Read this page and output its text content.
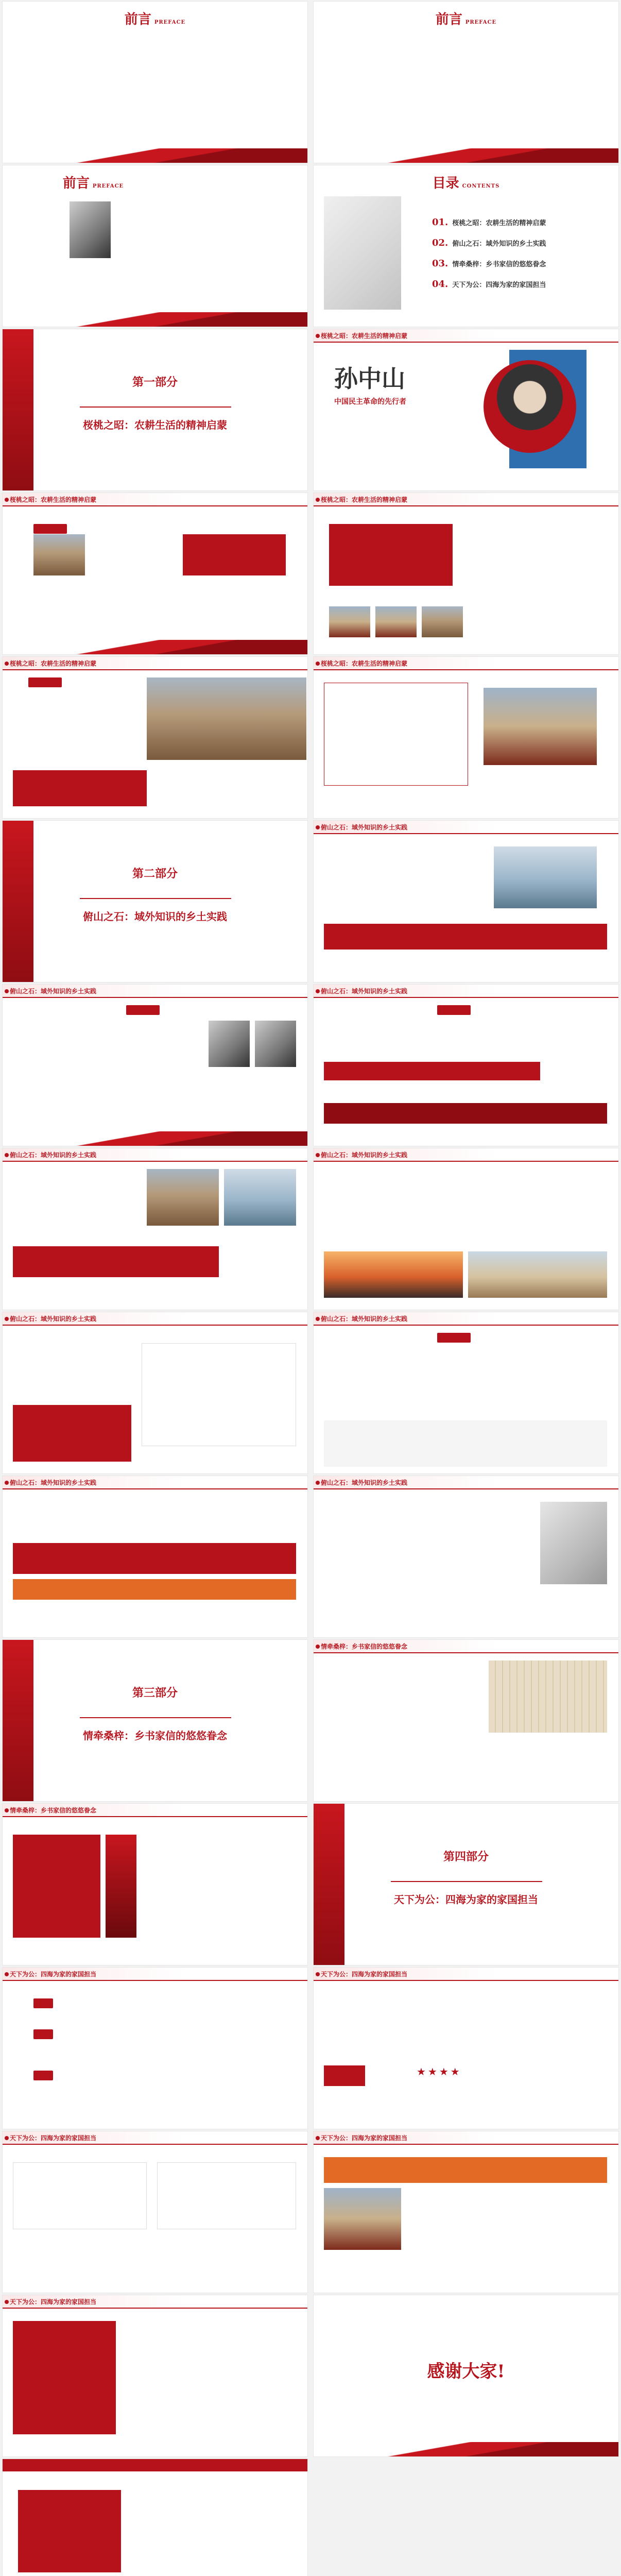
前言 PREFACE
　　　　　　　　　　　　　　　　　　　　　　　　　　　　　　　　　　　　　	前言 PREFACE
前言 PREFACE	目录 CONTENTS
01. 桜桃之昭：农耕生活的精神启蒙
02. 俯山之石：域外知识的乡土实践
03. 情牵桑梓：乡书家信的悠悠眷念
04. 天下为公：四海为家的家国担当
第一部分
桜桃之昭：农耕生活的精神启蒙
桜桃之昭：农耕生活的精神启蒙
孙中山
中国民主革命的先行者
桜桃之昭：农耕生活的精神启蒙
　　　　　	桜桃之昭：农耕生活的精神启蒙
桜桃之昭：农耕生活的精神启蒙
　　　　　	桜桃之昭：农耕生活的精神启蒙
第二部分
俯山之石：域外知识的乡土实践
俯山之石：域外知识的乡土实践
俯山之石：域外知识的乡土实践
　　　　　	俯山之石：域外知识的乡土实践

俯山之石：域外知识的乡土实践	俯山之石：域外知识的乡土实践
俯山之石：域外知识的乡土实践	俯山之石：域外知识的乡土实践

俯山之石：域外知识的乡土实践	俯山之石：域外知识的乡土实践
第三部分
情牵桑梓：乡书家信的悠悠眷念
情牵桑梓：乡书家信的悠悠眷念
情牵桑梓：乡书家信的悠悠眷念
第四部分
天下为公：四海为家的家国担当
天下为公：四海为家的家国担当

　　	天下为公：四海为家的家国担当
★★★★
天下为公：四海为家的家国担当	天下为公：四海为家的家国担当
天下为公：四海为家的家国担当
感谢大家!
